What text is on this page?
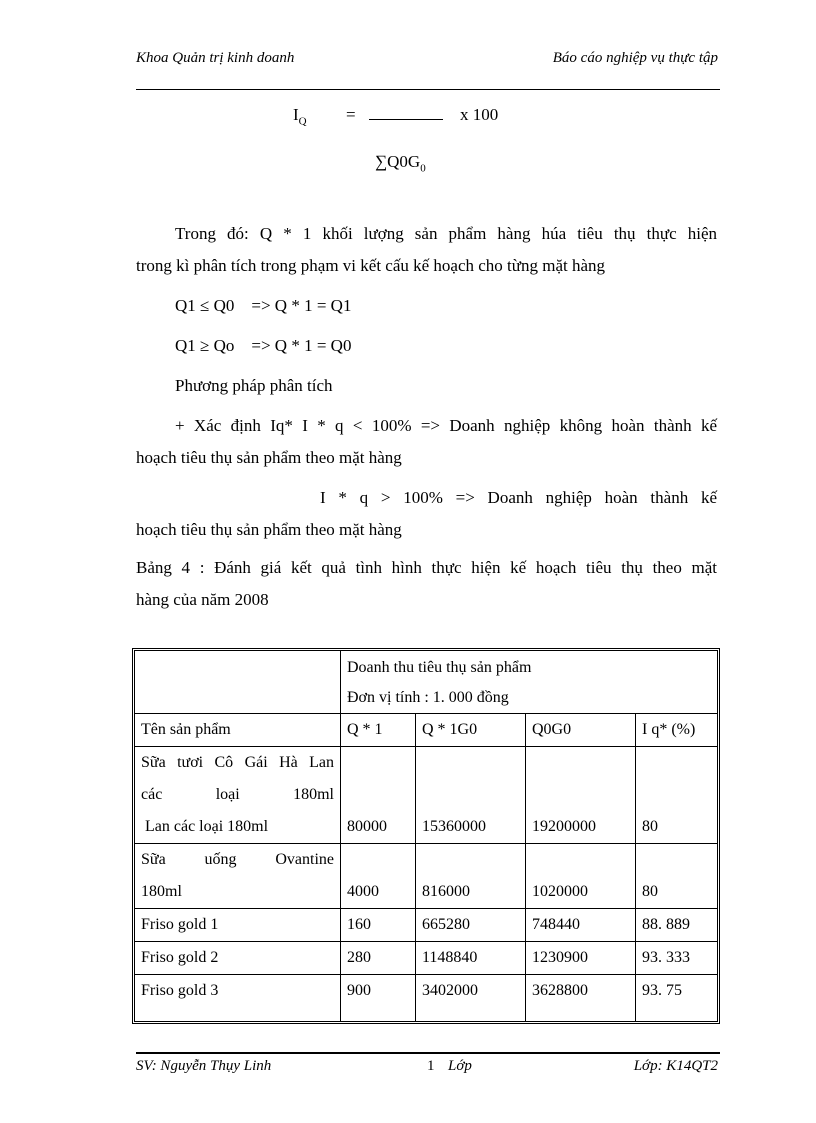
Khoa Quản trị kinh doanh	Báo cáo nghiệp vụ thực tập
$I_Q$ =	x 100
$\sum Q0G_0$
Trong đó: Q * 1 khối lượng sản phẩm hàng húa tiêu thụ thực hiện
trong kì phân tích trong phạm vi kết cấu kế hoạch cho từng mặt hàng
Q1 ≤ Q0    => Q * 1 = Q1
Q1 ≥ Qo    => Q * 1 = Q0
Phương pháp phân tích
+ Xác định Iq* I * q < 100% => Doanh nghiệp không hoàn thành kế
hoạch tiêu thụ sản phẩm theo mặt hàng
I * q > 100% => Doanh nghiệp hoàn thành kế
hoạch tiêu thụ sản phẩm theo mặt hàng
Bảng 4 : Đánh giá kết quả tình hình thực hiện kế hoạch tiêu thụ theo mặt
hàng của năm 2008

	Doanh thu tiêu thụ sản phẩm
Đơn vị tính : 1. 000 đồng			

Tên sản phẩm	Q * 1	Q * 1G0	Q0G0	I q* (%)

Sữa tươi Cô Gái Hà Lan
các loại 180ml
Lan các loại 180ml	80000	15360000	19200000	80

Sữa uống Ovantine
180ml	4000	816000	1020000	80
Friso gold 1	160	665280	748440	88. 889
Friso gold 2	280	1148840	1230900	93. 333
Friso gold 3	900	3402000	3628800	93. 75
SV: Nguyễn Thụy Linh	1 Lớp	Lớp: K14QT2
